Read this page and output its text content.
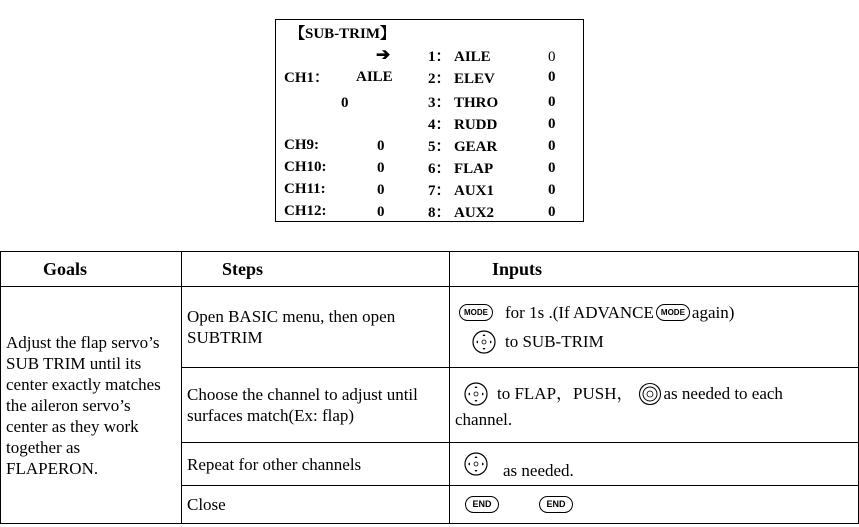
【SUB-TRIM】
➔
CH1： AILE
0
CH9:	0
CH10:	0
CH11:	0
CH12:	0
1： AILE	0
2： ELEV	0
3： THRO	0
4： RUDD	0
5： GEAR	0
6： FLAP	0
7： AUX1	0
8： AUX2	0
Goals	Steps	Inputs
Adjust the flap servo’s SUB TRIM until its center exactly matches the aileron servo’s center as they work together as FLAPERON.	Open BASIC menu, then open SUBTRIM	MODE for 1s .(If ADVANCE MODE again)
to SUB-TRIM

	Choose the channel to adjust until surfaces match(Ex: flap)	to FLAP，PUSH， as needed to each
channel.

	Repeat for other channels	as needed.

	Close	END END
